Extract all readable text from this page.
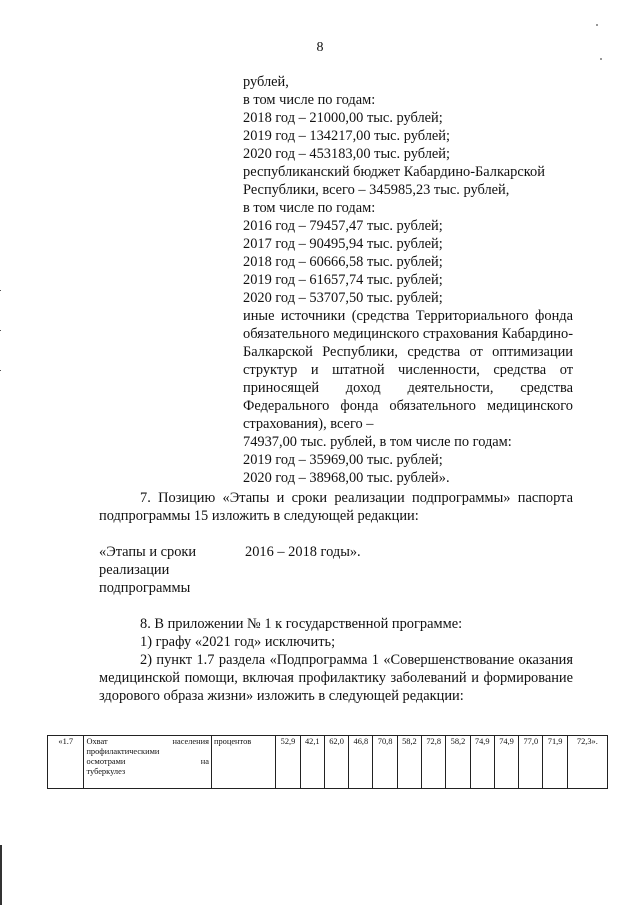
8
рублей,
в том числе по годам:
2018 год – 21000,00 тыс. рублей;
2019 год – 134217,00 тыс. рублей;
2020 год – 453183,00 тыс. рублей;
республиканский бюджет Кабардино-Балкарской
Республики, всего – 345985,23 тыс. рублей,
в том числе по годам:
2016 год – 79457,47 тыс. рублей;
2017 год – 90495,94 тыс. рублей;
2018 год – 60666,58 тыс. рублей;
2019 год – 61657,74 тыс. рублей;
2020 год – 53707,50 тыс. рублей;
иные источники (средства Территориального фонда обязательного медицинского страхования Кабардино-Балкарской Республики, средства от оптимизации структур и штатной численности, средства от приносящей доход деятельности, средства Федерального фонда обязательного медицинского страхования), всего –
74937,00 тыс. рублей, в том числе по годам:
2019 год – 35969,00 тыс. рублей;
2020 год – 38968,00 тыс. рублей».
7. Позицию «Этапы и сроки реализации подпрограммы» паспорта подпрограммы 15 изложить в следующей редакции:
«Этапы и сроки реализации подпрограммы
2016 – 2018 годы».
8. В приложении № 1 к государственной программе:
1) графу «2021 год» исключить;
2) пункт 1.7 раздела «Подпрограмма 1 «Совершенствование оказания медицинской помощи, включая профилактику заболеваний и формирование здорового образа жизни» изложить в следующей редакции:
«1.7	Охват населения
профилактическими
осмотрами на
туберкулез
	процентов	52,9	42,1	62,0	46,8	70,8	58,2	72,8	58,2	74,9	74,9	77,0	71,9	72,3».
